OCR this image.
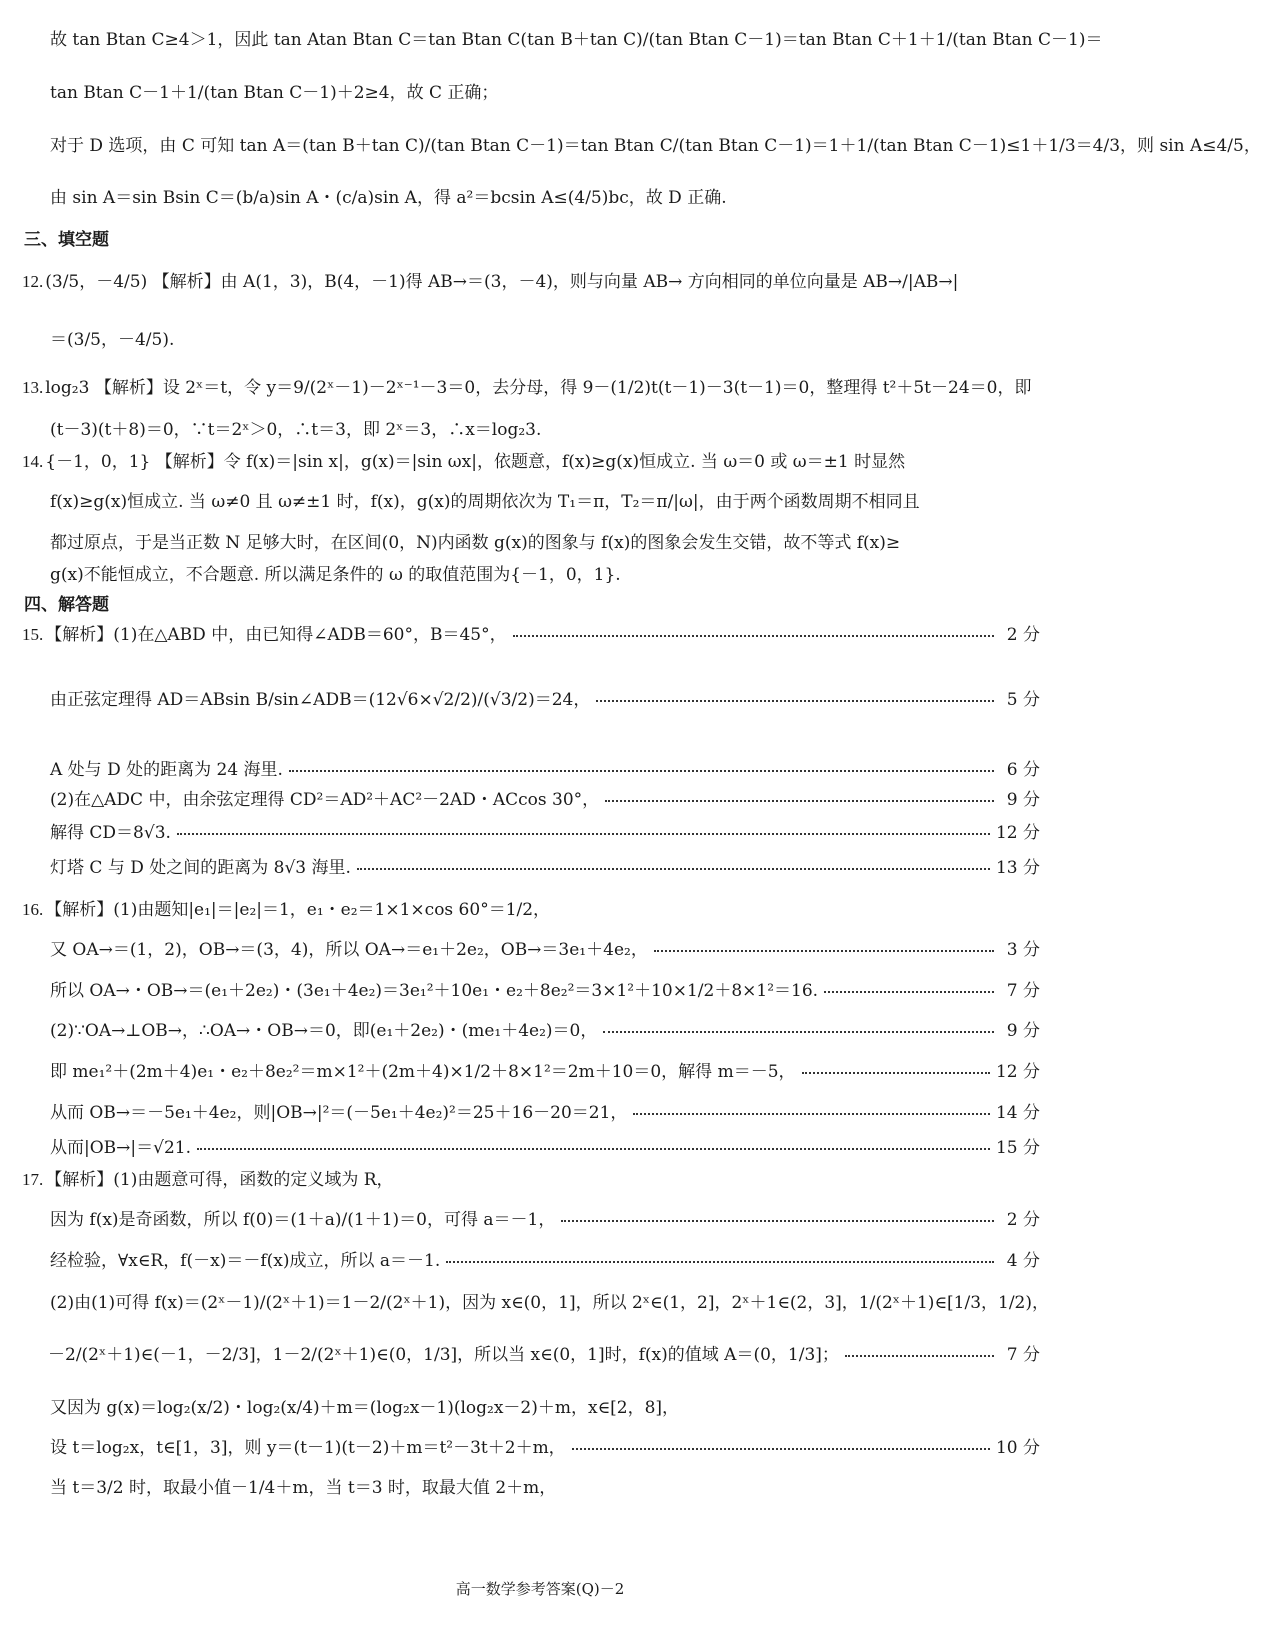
故 tan Btan C≥4＞1，因此 tan Atan Btan C＝tan Btan C(tan B＋tan C)/(tan Btan C－1)＝tan Btan C＋1＋1/(tan Btan C－1)＝
tan Btan C－1＋1/(tan Btan C－1)＋2≥4，故 C 正确；
对于 D 选项，由 C 可知 tan A＝(tan B＋tan C)/(tan Btan C－1)＝tan Btan C/(tan Btan C－1)＝1＋1/(tan Btan C－1)≤1＋1/3＝4/3，则 sin A≤4/5，
由 sin A＝sin Bsin C＝(b/a)sin A・(c/a)sin A，得 a²＝bcsin A≤(4/5)bc，故 D 正确.
三、填空题
12. (3/5，－4/5) 【解析】由 A(1，3)，B(4，－1)得 AB→＝(3，－4)，则与向量 AB→ 方向相同的单位向量是 AB→/|AB→|
＝(3/5，－4/5).
13. log₂3 【解析】设 2ˣ＝t，令 y＝9/(2ˣ－1)－2ˣ⁻¹－3＝0，去分母，得 9－(1/2)t(t－1)－3(t－1)＝0，整理得 t²＋5t－24＝0，即
(t－3)(t＋8)＝0，∵t＝2ˣ＞0，∴t＝3，即 2ˣ＝3，∴x＝log₂3.
14. {－1，0，1} 【解析】令 f(x)＝|sin x|，g(x)＝|sin ωx|，依题意，f(x)≥g(x)恒成立. 当 ω＝0 或 ω＝±1 时显然
f(x)≥g(x)恒成立. 当 ω≠0 且 ω≠±1 时，f(x)，g(x)的周期依次为 T₁＝π，T₂＝π/|ω|，由于两个函数周期不相同且
都过原点，于是当正数 N 足够大时，在区间(0，N)内函数 g(x)的图象与 f(x)的图象会发生交错，故不等式 f(x)≥
g(x)不能恒成立，不合题意. 所以满足条件的 ω 的取值范围为{－1，0，1}.
四、解答题
15. 【解析】(1)在△ABD 中，由已知得∠ADB＝60°，B＝45°，	2 分
由正弦定理得 AD＝ABsin B/sin∠ADB＝(12√6×√2/2)/(√3/2)＝24，	5 分
A 处与 D 处的距离为 24 海里.	6 分
(2)在△ADC 中，由余弦定理得 CD²＝AD²＋AC²－2AD・ACcos 30°，	9 分
解得 CD＝8√3.	12 分
灯塔 C 与 D 处之间的距离为 8√3 海里.	13 分
16. 【解析】(1)由题知|e₁|＝|e₂|＝1，e₁・e₂＝1×1×cos 60°＝1/2，
又 OA→＝(1，2)，OB→＝(3，4)，所以 OA→＝e₁＋2e₂，OB→＝3e₁＋4e₂，	3 分
所以 OA→・OB→＝(e₁＋2e₂)・(3e₁＋4e₂)＝3e₁²＋10e₁・e₂＋8e₂²＝3×1²＋10×1/2＋8×1²＝16.	7 分
(2)∵OA→⊥OB→，∴OA→・OB→＝0，即(e₁＋2e₂)・(me₁＋4e₂)＝0，	9 分
即 me₁²＋(2m＋4)e₁・e₂＋8e₂²＝m×1²＋(2m＋4)×1/2＋8×1²＝2m＋10＝0，解得 m＝－5，	12 分
从而 OB→＝－5e₁＋4e₂，则|OB→|²＝(－5e₁＋4e₂)²＝25＋16－20＝21，	14 分
从而|OB→|＝√21.	15 分
17. 【解析】(1)由题意可得，函数的定义域为 R，
因为 f(x)是奇函数，所以 f(0)＝(1＋a)/(1＋1)＝0，可得 a＝－1，	2 分
经检验，∀x∈R，f(－x)＝－f(x)成立，所以 a＝－1.	4 分
(2)由(1)可得 f(x)＝(2ˣ－1)/(2ˣ＋1)＝1－2/(2ˣ＋1)，因为 x∈(0，1]，所以 2ˣ∈(1，2]，2ˣ＋1∈(2，3]，1/(2ˣ＋1)∈[1/3，1/2)，
－2/(2ˣ＋1)∈(－1，－2/3]，1－2/(2ˣ＋1)∈(0，1/3]，所以当 x∈(0，1]时，f(x)的值域 A＝(0，1/3]；	7 分
又因为 g(x)＝log₂(x/2)・log₂(x/4)＋m＝(log₂x－1)(log₂x－2)＋m，x∈[2，8]，
设 t＝log₂x，t∈[1，3]，则 y＝(t－1)(t－2)＋m＝t²－3t＋2＋m，	10 分
当 t＝3/2 时，取最小值－1/4＋m，当 t＝3 时，取最大值 2＋m，
高一数学参考答案(Q)－2
